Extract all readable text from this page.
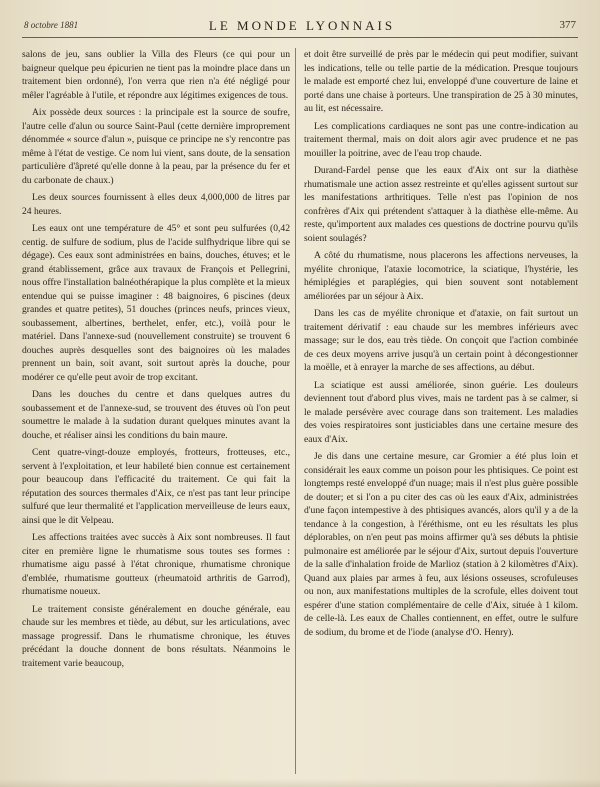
8 octobre 1881	LE MONDE LYONNAIS	377

salons de jeu, sans oublier la Villa des Fleurs (ce qui pour un baigneur quelque peu épicurien ne tient pas la moindre place dans un traitement bien ordonné), l'on verra que rien n'a été négligé pour mêler l'agréable à l'utile, et répondre aux légitimes exigences de tous.

Aix possède deux sources : la principale est la source de soufre, l'autre celle d'alun ou source Saint-Paul (cette dernière improprement dénommée « source d'alun », puisque ce principe ne s'y rencontre pas même à l'état de vestige. Ce nom lui vient, sans doute, de la sensation particulière d'âpreté qu'elle donne à la peau, par la présence du fer et du carbonate de chaux.)

Les deux sources fournissent à elles deux 4,000,000 de litres par 24 heures.

Les eaux ont une température de 45° et sont peu sulfurées (0,42 centig. de sulfure de sodium, plus de l'acide sulfhydrique libre qui se dégage). Ces eaux sont administrées en bains, douches, étuves; et le grand établissement, grâce aux travaux de François et Pellegrini, nous offre l'installation balnéothérapique la plus complète et la mieux entendue qui se puisse imaginer : 48 baignoires, 6 piscines (deux grandes et quatre petites), 51 douches (princes neufs, princes vieux, soubassement, albertines, berthelet, enfer, etc.), voilà pour le matériel. Dans l'annexe-sud (nouvellement construite) se trouvent 6 douches auprès desquelles sont des baignoires où les malades prennent un bain, soit avant, soit surtout après la douche, pour modérer ce qu'elle peut avoir de trop excitant.

Dans les douches du centre et dans quelques autres du soubassement et de l'annexe-sud, se trouvent des étuves où l'on peut soumettre le malade à la sudation durant quelques minutes avant la douche, et réaliser ainsi les conditions du bain maure.

Cent quatre-vingt-douze employés, frotteurs, frotteuses, etc., servent à l'exploitation, et leur habileté bien connue est certainement pour beaucoup dans l'efficacité du traitement. Ce qui fait la réputation des sources thermales d'Aix, ce n'est pas tant leur principe sulfuré que leur thermalité et l'application merveilleuse de leurs eaux, ainsi que le dit Velpeau.

Les affections traitées avec succès à Aix sont nombreuses. Il faut citer en première ligne le rhumatisme sous toutes ses formes : rhumatisme aigu passé à l'état chronique, rhumatisme chronique d'emblée, rhumatisme goutteux (rheumatoid arthritis de Garrod), rhumatisme noueux.

Le traitement consiste généralement en douche générale, eau chaude sur les membres et tiède, au début, sur les articulations, avec massage progressif. Dans le rhumatisme chronique, les étuves précédant la douche donnent de bons résultats. Néanmoins le traitement varie beaucoup,

et doit être surveillé de près par le médecin qui peut modifier, suivant les indications, telle ou telle partie de la médication. Presque toujours le malade est emporté chez lui, enveloppé d'une couverture de laine et porté dans une chaise à porteurs. Une transpiration de 25 à 30 minutes, au lit, est nécessaire.

Les complications cardiaques ne sont pas une contre-indication au traitement thermal, mais on doit alors agir avec prudence et ne pas mouiller la poitrine, avec de l'eau trop chaude.

Durand-Fardel pense que les eaux d'Aix ont sur la diathèse rhumatismale une action assez restreinte et qu'elles agissent surtout sur les manifestations arthritiques. Telle n'est pas l'opinion de nos confrères d'Aix qui prétendent s'attaquer à la diathèse elle-même. Au reste, qu'importent aux malades ces questions de doctrine pourvu qu'ils soient soulagés?

A côté du rhumatisme, nous placerons les affections nerveuses, la myélite chronique, l'ataxie locomotrice, la sciatique, l'hystérie, les hémiplégies et paraplégies, qui bien souvent sont notablement améliorées par un séjour à Aix.

Dans les cas de myélite chronique et d'ataxie, on fait surtout un traitement dérivatif : eau chaude sur les membres inférieurs avec massage; sur le dos, eau très tiède. On conçoit que l'action combinée de ces deux moyens arrive jusqu'à un certain point à décongestionner la moëlle, et à enrayer la marche de ses affections, au début.

La sciatique est aussi améliorée, sinon guérie. Les douleurs deviennent tout d'abord plus vives, mais ne tardent pas à se calmer, si le malade persévère avec courage dans son traitement. Les maladies des voies respiratoires sont justiciables dans une certaine mesure des eaux d'Aix.

Je dis dans une certaine mesure, car Gromier a été plus loin et considérait les eaux comme un poison pour les phtisiques. Ce point est longtemps resté enveloppé d'un nuage; mais il n'est plus guère possible de douter; et si l'on a pu citer des cas où les eaux d'Aix, administrées d'une façon intempestive à des phtisiques avancés, alors qu'il y a de la tendance à la congestion, à l'éréthisme, ont eu les résultats les plus déplorables, on n'en peut pas moins affirmer qu'à ses débuts la phtisie pulmonaire est améliorée par le séjour d'Aix, surtout depuis l'ouverture de la salle d'inhalation froide de Marlioz (station à 2 kilomètres d'Aix). Quand aux plaies par armes à feu, aux lésions osseuses, scrofuleuses ou non, aux manifestations multiples de la scrofule, elles doivent tout espérer d'une station complémentaire de celle d'Aix, située à 1 kilom. de celle-là. Les eaux de Challes contiennent, en effet, outre le sulfure de sodium, du brome et de l'iode (analyse d'O. Henry).
